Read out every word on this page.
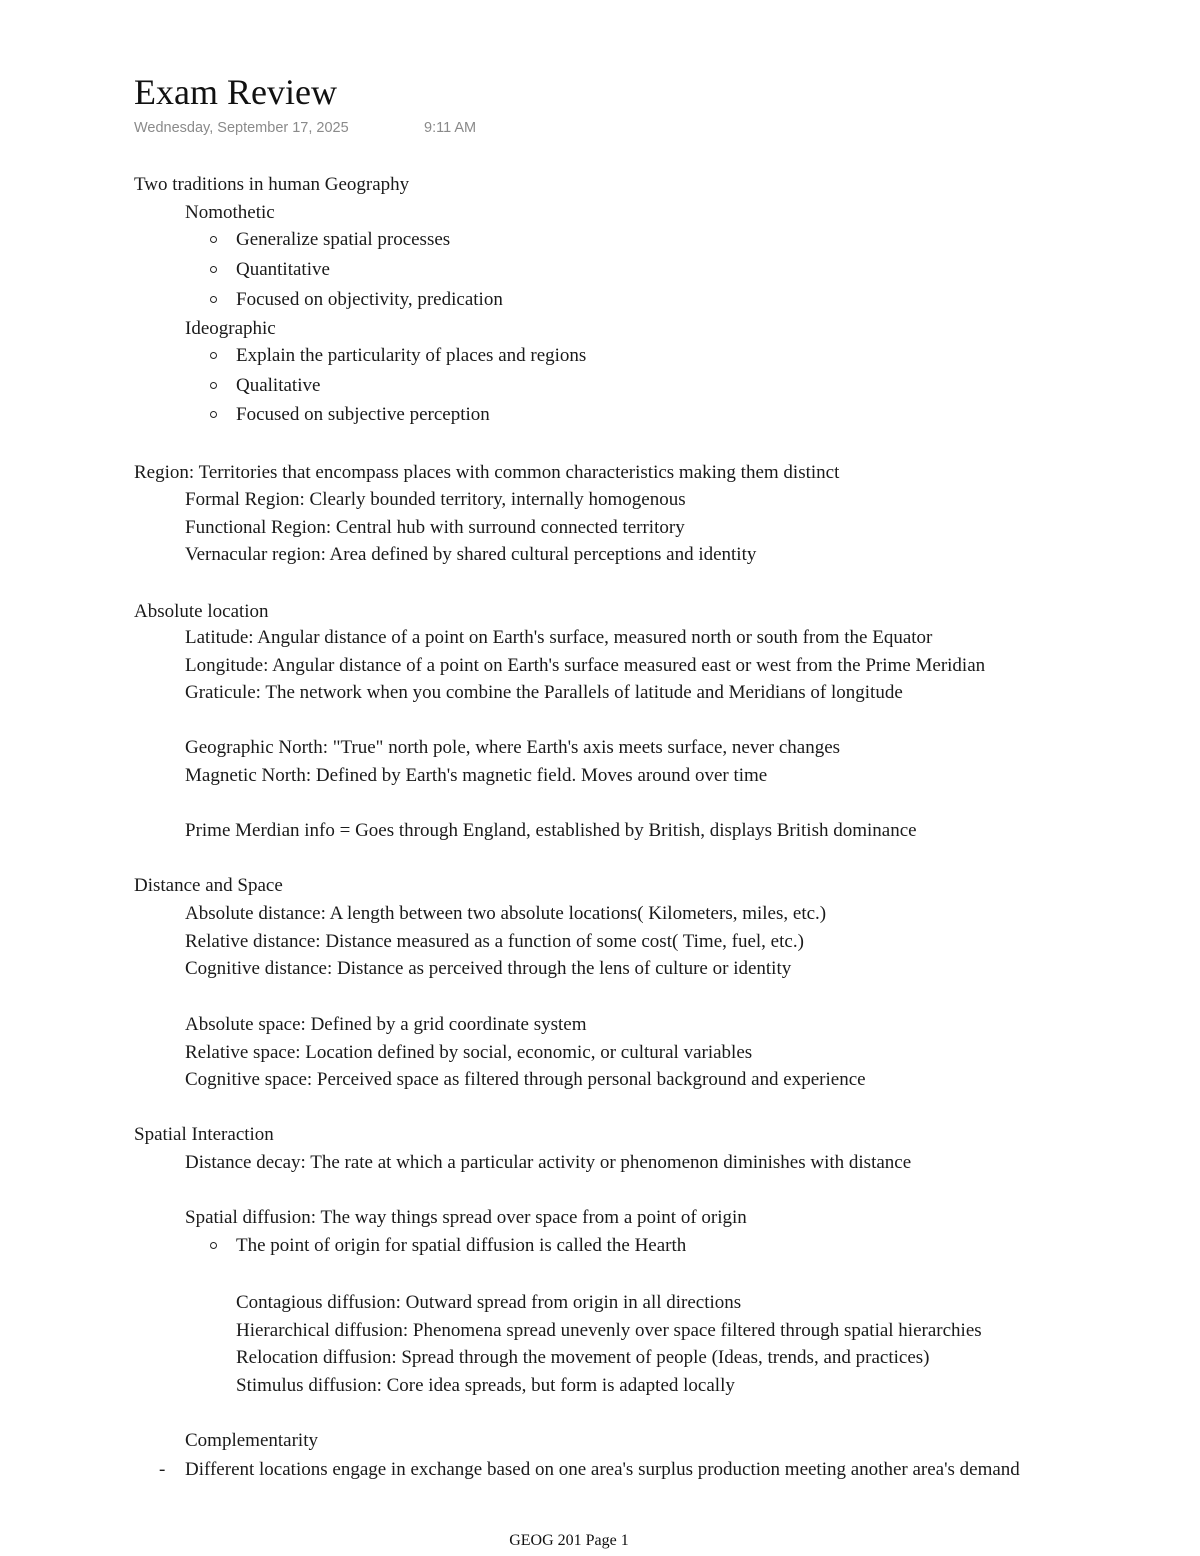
Exam Review
Wednesday, September 17, 2025	9:11 AM
Two traditions in human Geography
Nomothetic
Generalize spatial processes
Quantitative
Focused on objectivity, predication
Ideographic
Explain the particularity of places and regions
Qualitative
Focused on subjective perception
Region: Territories that encompass places with common characteristics making them distinct
Formal Region: Clearly bounded territory, internally homogenous
Functional Region: Central hub with surround connected territory
Vernacular region: Area defined by shared cultural perceptions and identity
Absolute location
Latitude: Angular distance of a point on Earth's surface, measured north or south from the Equator
Longitude: Angular distance of a point on Earth's surface measured east or west from the Prime Meridian
Graticule: The network when you combine the Parallels of latitude and Meridians of longitude
Geographic North: "True" north pole, where Earth's axis meets surface, never changes
Magnetic North: Defined by Earth's magnetic field. Moves around over time
Prime Merdian info = Goes through England, established by British, displays British dominance
Distance and Space
Absolute distance: A length between two absolute locations( Kilometers, miles, etc.)
Relative distance: Distance measured as a function of some cost( Time, fuel, etc.)
Cognitive distance: Distance as perceived through the lens of culture or identity
Absolute space: Defined by a grid coordinate system
Relative space: Location defined by social, economic, or cultural variables
Cognitive space: Perceived space as filtered through personal background and experience
Spatial Interaction
Distance decay: The rate at which a particular activity or phenomenon diminishes with distance
Spatial diffusion: The way things spread over space from a point of origin
The point of origin for spatial diffusion is called the Hearth
Contagious diffusion: Outward spread from origin in all directions
Hierarchical diffusion: Phenomena spread unevenly over space filtered through spatial hierarchies
Relocation diffusion: Spread through the movement of people (Ideas, trends, and practices)
Stimulus diffusion: Core idea spreads, but form is adapted locally
Complementarity
- Different locations engage in exchange based on one area's surplus production meeting another area's demand
GEOG 201 Page 1
